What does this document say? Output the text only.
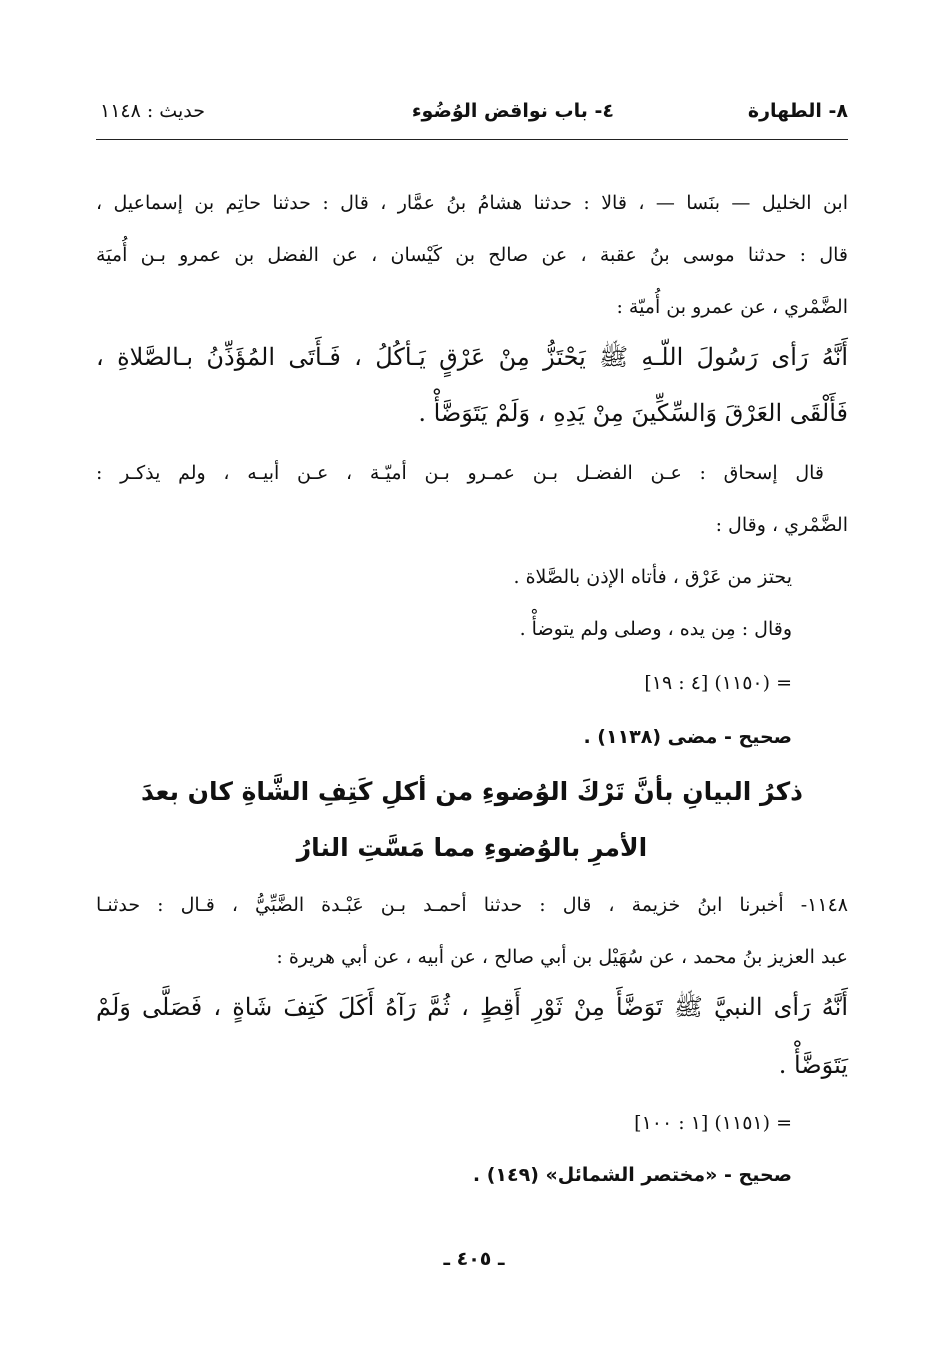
٨- الطهارة
٤- باب نواقض الوُضُوء
حديث : ١١٤٨
ابن الخليل — بنَسا — ، قالا : حدثنا هشامُ بنُ عمَّار ، قال : حدثنا حاتِم بن إسماعيل ،
قال : حدثنا موسى بنُ عقبة ، عن صالح بن كَيْسان ، عن الفضل بن عمرو بـن أُميَة
الضَّمْري ، عن عمرو بن أُميّة :
أَنَّهُ رَأى رَسُولَ اللّـهِ ﷺ يَحْتَزُّ مِنْ عَرْقٍ يَـأكُلُ ، فَـأَتَى المُؤَذِّنُ بـالصَّلاةِ ،
فَأَلْقَى العَرْقَ وَالسِّكِّينَ مِنْ يَدِهِ ، وَلَمْ يَتَوَضَّأْ .
قال إسحاق : عـن الفضـل بـن عمـرو بـن أميّـة ، عـن أبيـه ، ولم يذكـر :
الضَّمْري ، وقال :
يحتز من عَرْق ، فأتاه الإذن بالصَّلاة .
وقال : مِن يده ، وصلى ولم يتوضأْ .
= (١١٥٠) [٤ : ١٩]
صحيح - مضى (١١٣٨) .
ذكرُ البيانِ بأنَّ تَرْكَ الوُضوءِ من أكلِ كَتِفِ الشَّاةِ كان بعدَ
الأمرِ بالوُضوءِ مما مَسَّتِ النارُ
١١٤٨- أخبرنا ابنُ خزيمة ، قال : حدثنا أحمـد بـن عَبْـدة الضَّبِّيُّ ، قـال : حدثنـا
عبد العزيز بنُ محمد ، عن سُهَيْل بن أبي صالح ، عن أبيه ، عن أبي هريرة :
أَنَّهُ رَأى النبيَّ ﷺ تَوَضَّأَ مِنْ ثَوْرِ أَقِطٍ ، ثُمَّ رَآهُ أَكَلَ كَتِفَ شَاةٍ ، فَصَلَّى وَلَمْ
يَتَوَضَّأْ .
= (١١٥١) [١ : ١٠٠]
صحيح - «مختصر الشمائل» (١٤٩) .
ـ ٤٠٥ ـ
